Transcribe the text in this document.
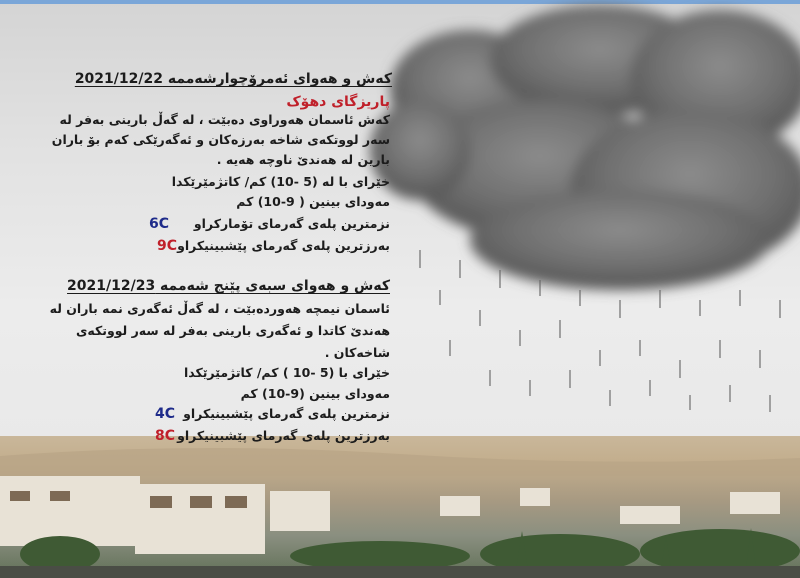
کەش و هەوای ئەمرۆچوارشەممە 2021/12/22
پاریزگای دهۆک
کەش ئاسمان هەوراوی دەبێت ، لە گەڵ بارینی بەفر لە
سەر لووتکەی شاخە بەرزەکان و ئەگەرێکی کەم بۆ باران
بارین لە هەندێ ناوچە هەیە .
خێرای با لە (5 -10) کم/ کاتژمێرێکدا
مەودای بینین ( 9-10) کم
نزمترین پلەی گەرمای تۆمارکراو
6C
بەرزترین پلەی گەرمای پێشبینیکراو
9C
کەش و هەوای سبەی پێنج شەممە 2021/12/23
ئاسمان نیمچە هەوردەبێت ، لە گەڵ ئەگەری نمە باران لە
هەندێ کاتدا و ئەگەری بارینی بەفر لە سەر لووتکەی
شاخەکان .
خێرای با (5 -10 ) کم/ کاتژمێرێکدا
مەودای بینین (9-10) کم
نزمترین پلەی گەرمای پێشبینیکراو
4C
بەرزترین پلەی گەرمای پێشبینیکراو
8C
